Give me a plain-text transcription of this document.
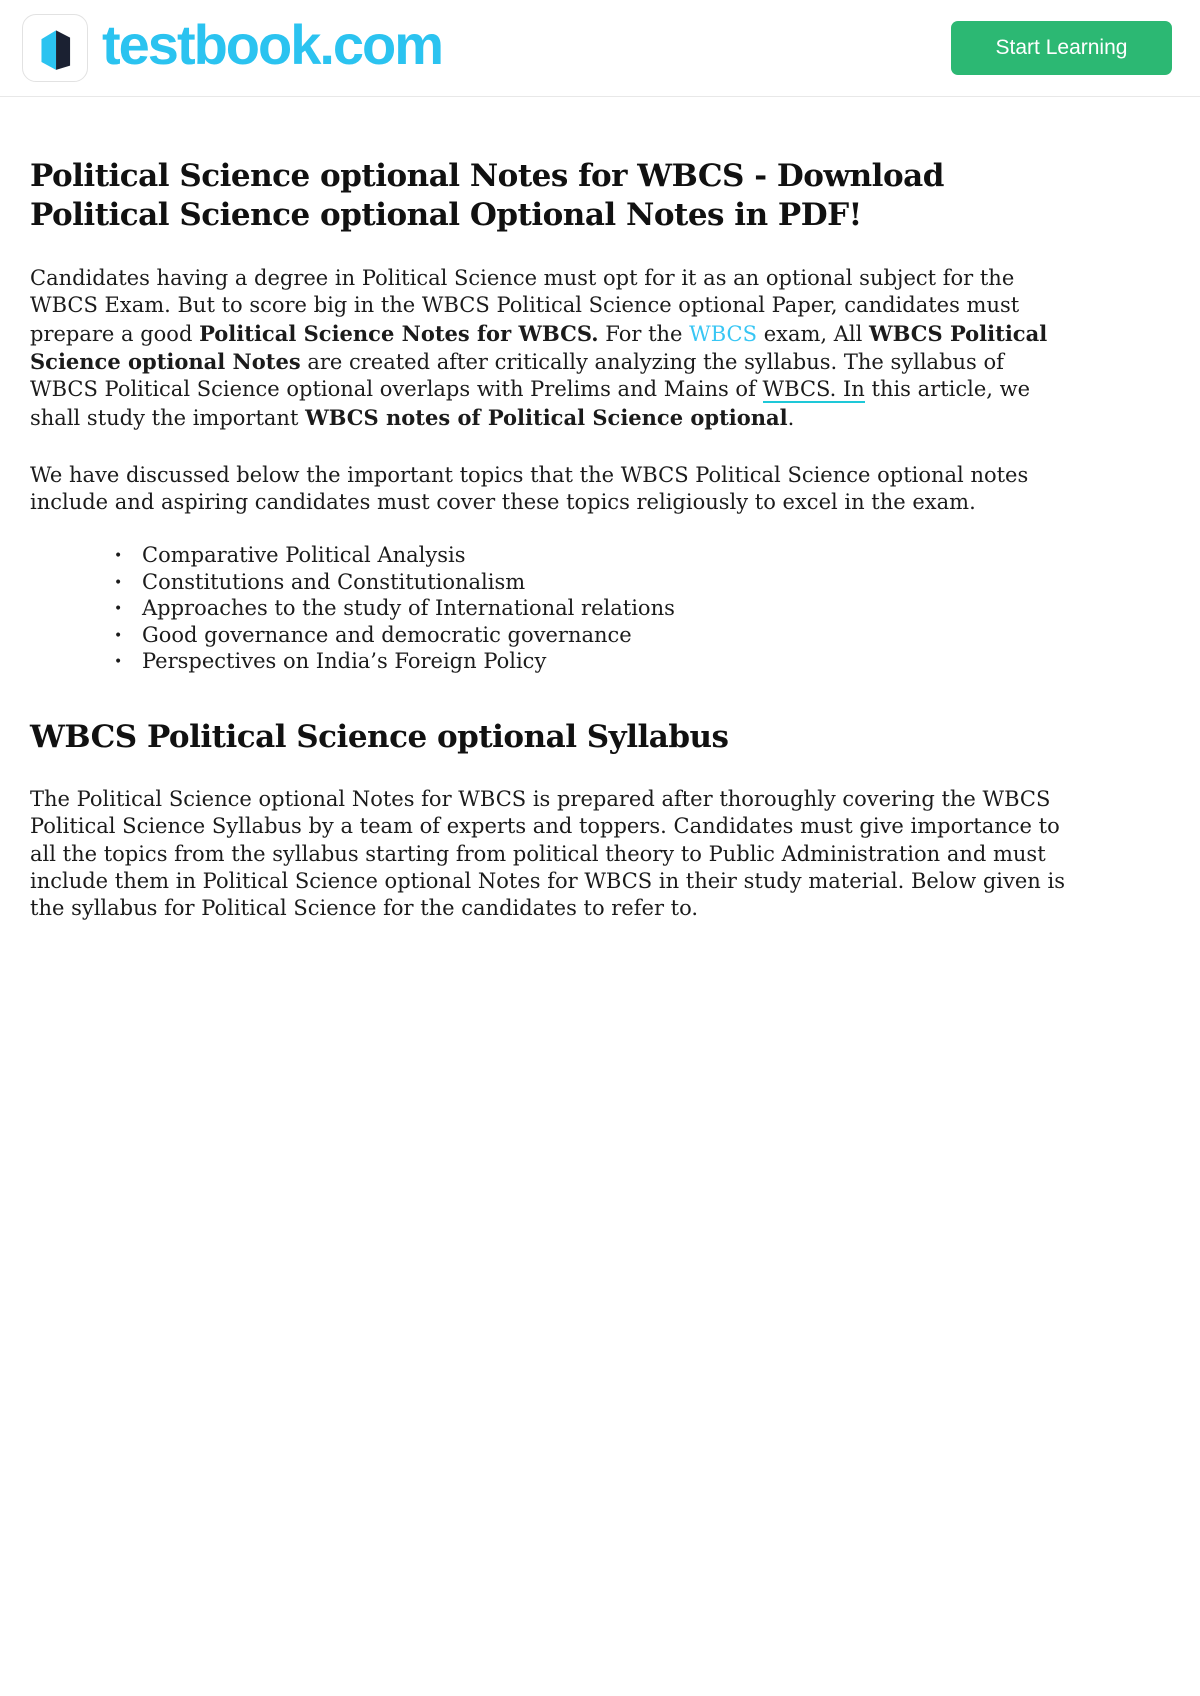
testbook.com	Start Learning
Political Science optional Notes for WBCS - Download Political Science optional Optional Notes in PDF!

Candidates having a degree in Political Science must opt for it as an optional subject for the WBCS Exam. But to score big in the WBCS Political Science optional Paper, candidates must prepare a good Political Science Notes for WBCS. For the WBCS exam, All WBCS Political Science optional Notes are created after critically analyzing the syllabus. The syllabus of WBCS Political Science optional overlaps with Prelims and Mains of WBCS. In this article, we shall study the important WBCS notes of Political Science optional.

We have discussed below the important topics that the WBCS Political Science optional notes include and aspiring candidates must cover these topics religiously to excel in the exam.

• Comparative Political Analysis
• Constitutions and Constitutionalism
• Approaches to the study of International relations
• Good governance and democratic governance
• Perspectives on India’s Foreign Policy
WBCS Political Science optional Syllabus

The Political Science optional Notes for WBCS is prepared after thoroughly covering the WBCS Political Science Syllabus by a team of experts and toppers. Candidates must give importance to all the topics from the syllabus starting from political theory to Public Administration and must include them in Political Science optional Notes for WBCS in their study material. Below given is the syllabus for Political Science for the candidates to refer to.
